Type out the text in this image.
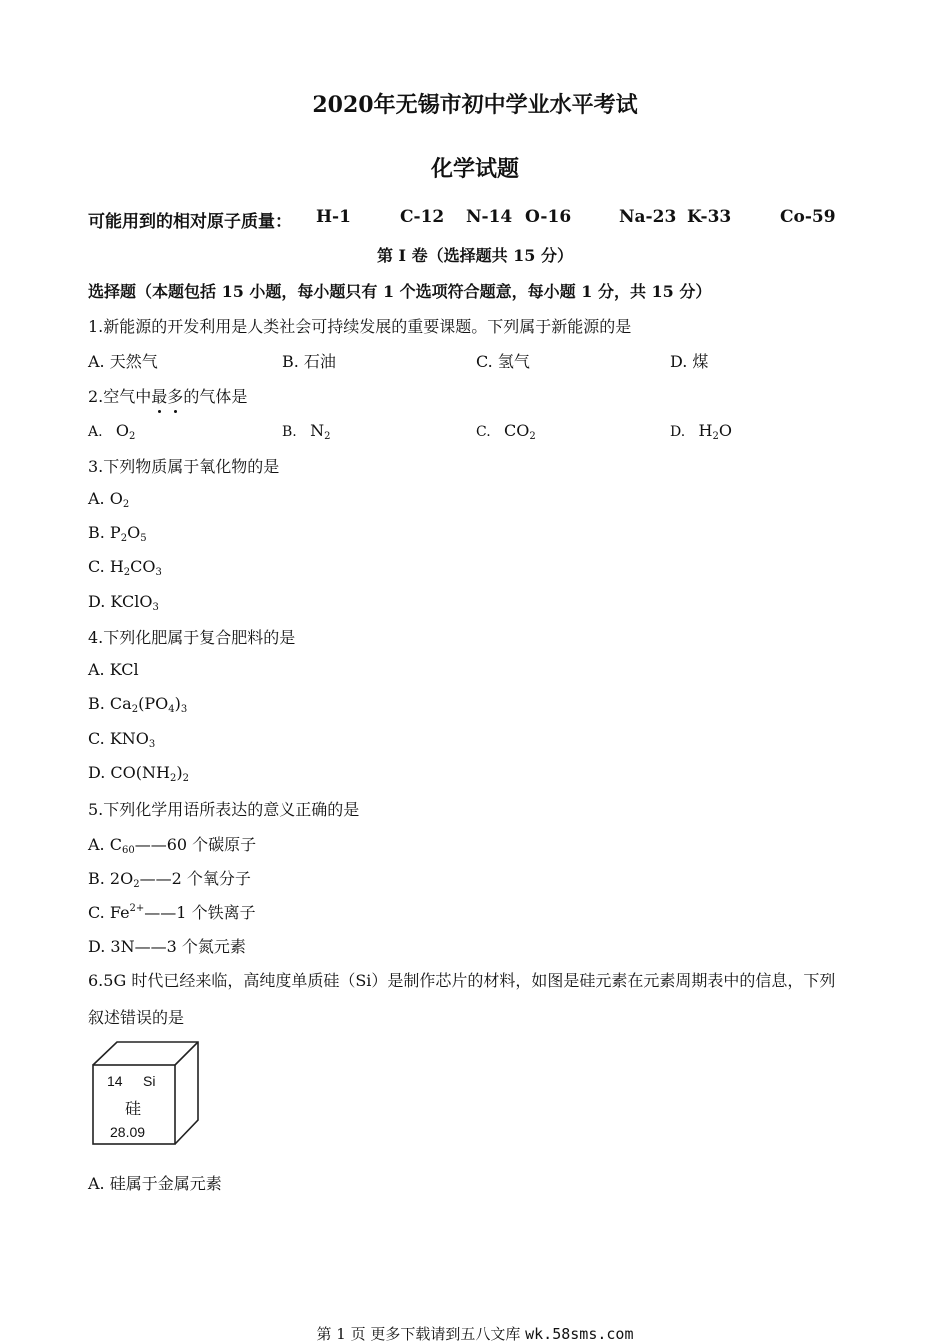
2020年无锡市初中学业水平考试
化学试题
可能用到的相对原子质量： H-1	C-12 N-14 O-16	Na-23 K-33	Co-59
第 I 卷（选择题共 15 分）
选择题（本题包括 15 小题，每小题只有 1 个选项符合题意，每小题 1 分，共 15 分）
1.新能源的开发利用是人类社会可持续发展的重要课题。下列属于新能源的是
A. 天然气	B. 石油	C. 氢气	D. 煤
2.空气中最多的气体是
A. $O_2$	B. $N_2$	C. $CO_2$	D. $H_2O$
3.下列物质属于氧化物的是
A. $O_2$
B. $P_2O_5$
C. $H_2CO_3$
D. KClO$_3$
4.下列化肥属于复合肥料的是
A. KCl
B. $Ca_2(PO_4)_3$
C. $KNO_3$
D. $CO(NH_2)_2$
5.下列化学用语所表达的意义正确的是
A. $C_{60}——60$ 个碳原子
B. $2O_2——2$ 个氧分子
C. $Fe^{2+}——1$ 个铁离子
D. 3N——3 个氮元素
6.5G 时代已经来临，高纯度单质硅（Si）是制作芯片的材料，如图是硅元素在元素周期表中的信息，下列
叙述错误的是
14 Si
硅
28.09
A. 硅属于金属元素
第 1 页 更多下载请到五八文库 wk.58sms.com
